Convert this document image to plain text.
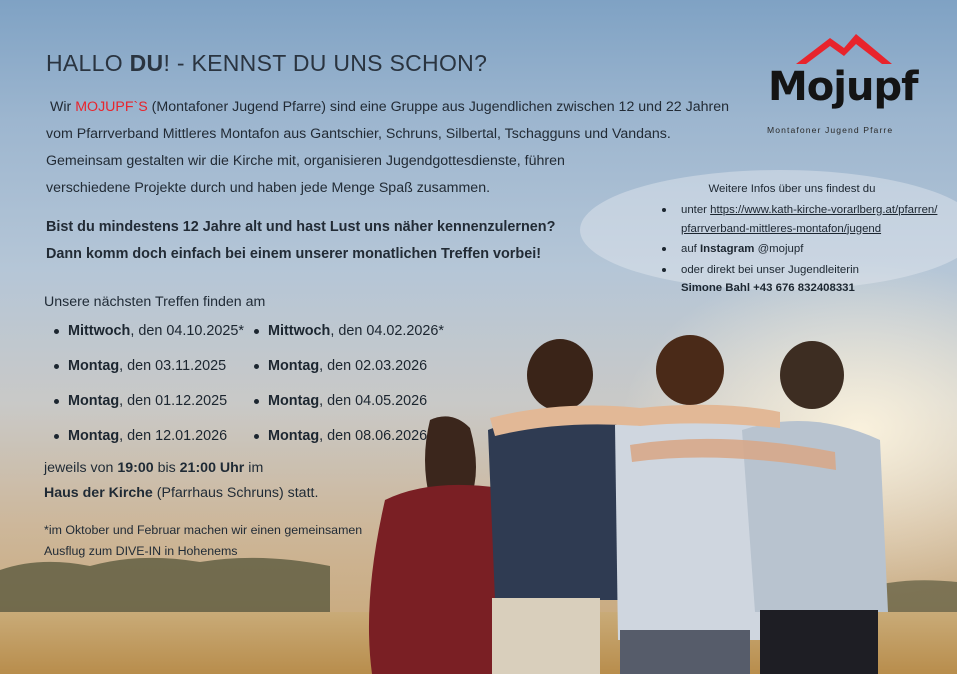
Mojupf
Montafoner Jugend Pfarre
HALLO DU! - KENNST DU UNS SCHON?
Wir MOJUPF`S (Montafoner Jugend Pfarre) sind eine Gruppe aus Jugendlichen zwischen 12 und 22 Jahren
vom Pfarrverband Mittleres Montafon aus Gantschier, Schruns, Silbertal, Tschagguns und Vandans.
Gemeinsam gestalten wir die Kirche mit, organisieren Jugendgottesdienste, führen
verschiedene Projekte durch und haben jede Menge Spaß zusammen.
Bist du mindestens 12 Jahre alt und hast Lust uns näher kennenzulernen?
Dann komm doch einfach bei einem unserer monatlichen Treffen vorbei!
Unsere nächsten Treffen finden am
Mittwoch, den 04.10.2025*
Montag, den 03.11.2025
Montag, den 01.12.2025
Montag, den 12.01.2026
Mittwoch, den 04.02.2026*
Montag, den 02.03.2026
Montag, den 04.05.2026
Montag, den 08.06.2026
jeweils von 19:00 bis 21:00 Uhr im
Haus der Kirche (Pfarrhaus Schruns) statt.
*im Oktober und Februar machen wir einen gemeinsamen
Ausflug zum DIVE-IN in Hohenems
Weitere Infos über uns findest du
unter https://www.kath-kirche-vorarlberg.at/pfarren/
pfarrverband-mittleres-montafon/jugend
auf Instagram @mojupf
oder direkt bei unser Jugendleiterin
Simone Bahl +43 676 832408331
